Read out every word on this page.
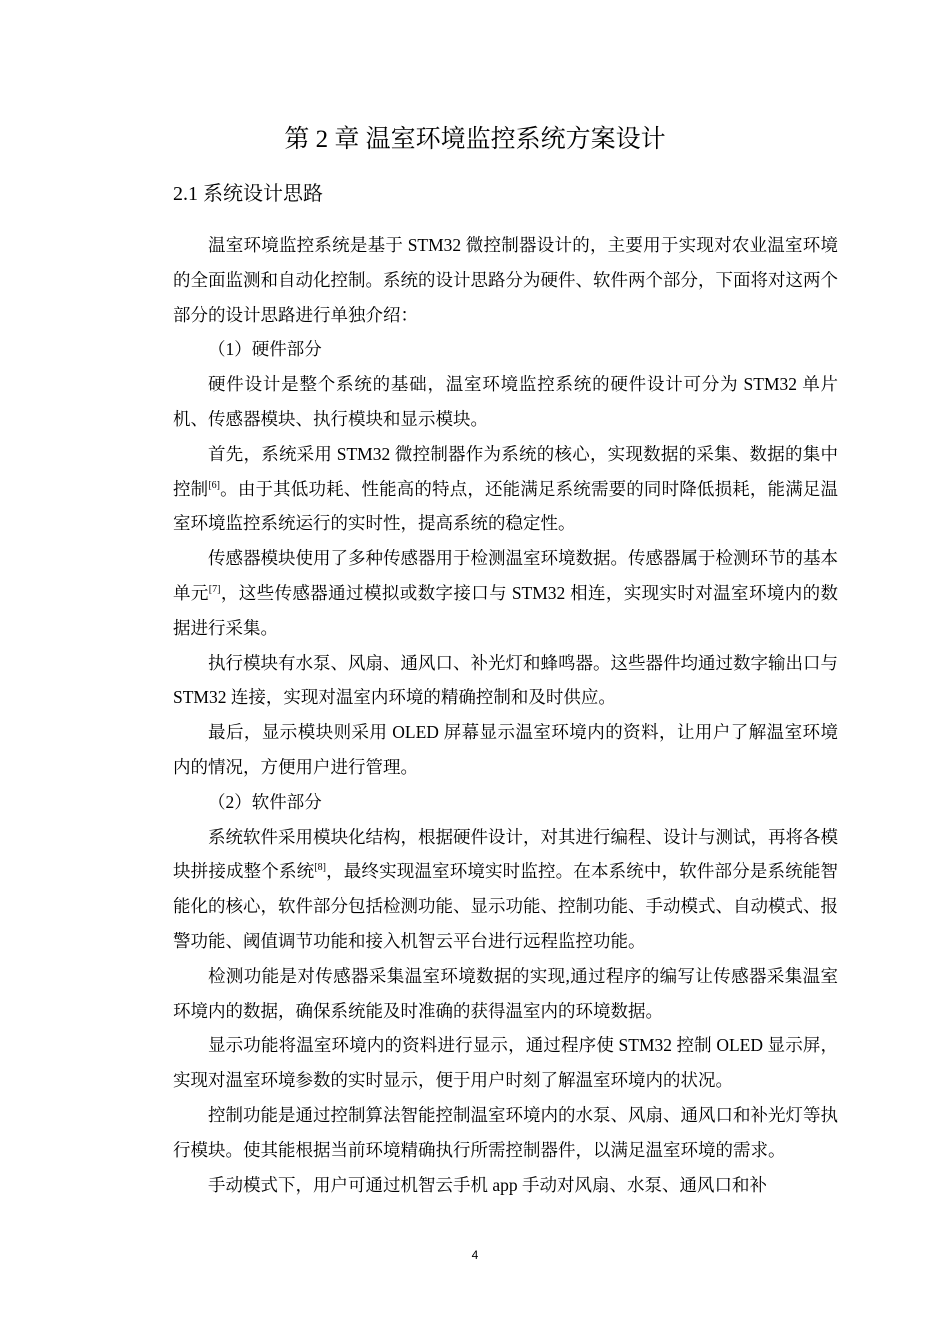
第 2 章 温室环境监控系统方案设计
2.1 系统设计思路

温室环境监控系统是基于 STM32 微控制器设计的，主要用于实现对农业温室环境的全面监测和自动化控制。系统的设计思路分为硬件、软件两个部分，下面将对这两个部分的设计思路进行单独介绍：

（1）硬件部分

硬件设计是整个系统的基础，温室环境监控系统的硬件设计可分为 STM32 单片机、传感器模块、执行模块和显示模块。

首先，系统采用 STM32 微控制器作为系统的核心，实现数据的采集、数据的集中控制[6]。由于其低功耗、性能高的特点，还能满足系统需要的同时降低损耗，能满足温室环境监控系统运行的实时性，提高系统的稳定性。

传感器模块使用了多种传感器用于检测温室环境数据。传感器属于检测环节的基本单元[7]，这些传感器通过模拟或数字接口与 STM32 相连，实现实时对温室环境内的数据进行采集。

执行模块有水泵、风扇、通风口、补光灯和蜂鸣器。这些器件均通过数字输出口与 STM32 连接，实现对温室内环境的精确控制和及时供应。

最后，显示模块则采用 OLED 屏幕显示温室环境内的资料，让用户了解温室环境内的情况，方便用户进行管理。

（2）软件部分

系统软件采用模块化结构，根据硬件设计，对其进行编程、设计与测试，再将各模块拼接成整个系统[8]，最终实现温室环境实时监控。在本系统中，软件部分是系统能智能化的核心，软件部分包括检测功能、显示功能、控制功能、手动模式、自动模式、报警功能、阈值调节功能和接入机智云平台进行远程监控功能。

检测功能是对传感器采集温室环境数据的实现,通过程序的编写让传感器采集温室环境内的数据，确保系统能及时准确的获得温室内的环境数据。

显示功能将温室环境内的资料进行显示，通过程序使 STM32 控制 OLED 显示屏，实现对温室环境参数的实时显示，便于用户时刻了解温室环境内的状况。

控制功能是通过控制算法智能控制温室环境内的水泵、风扇、通风口和补光灯等执行模块。使其能根据当前环境精确执行所需控制器件，以满足温室环境的需求。

手动模式下，用户可通过机智云手机 app 手动对风扇、水泵、通风口和补

4
